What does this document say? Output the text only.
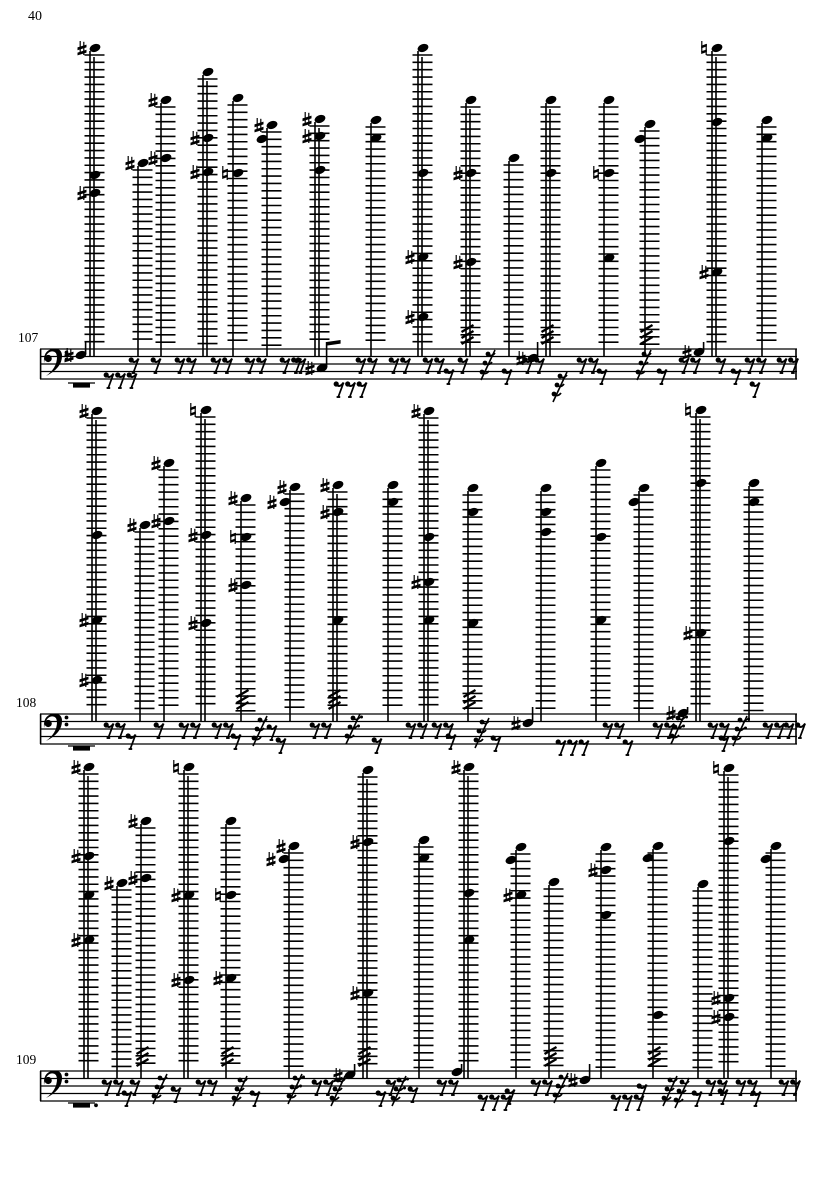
40
107
108
109
